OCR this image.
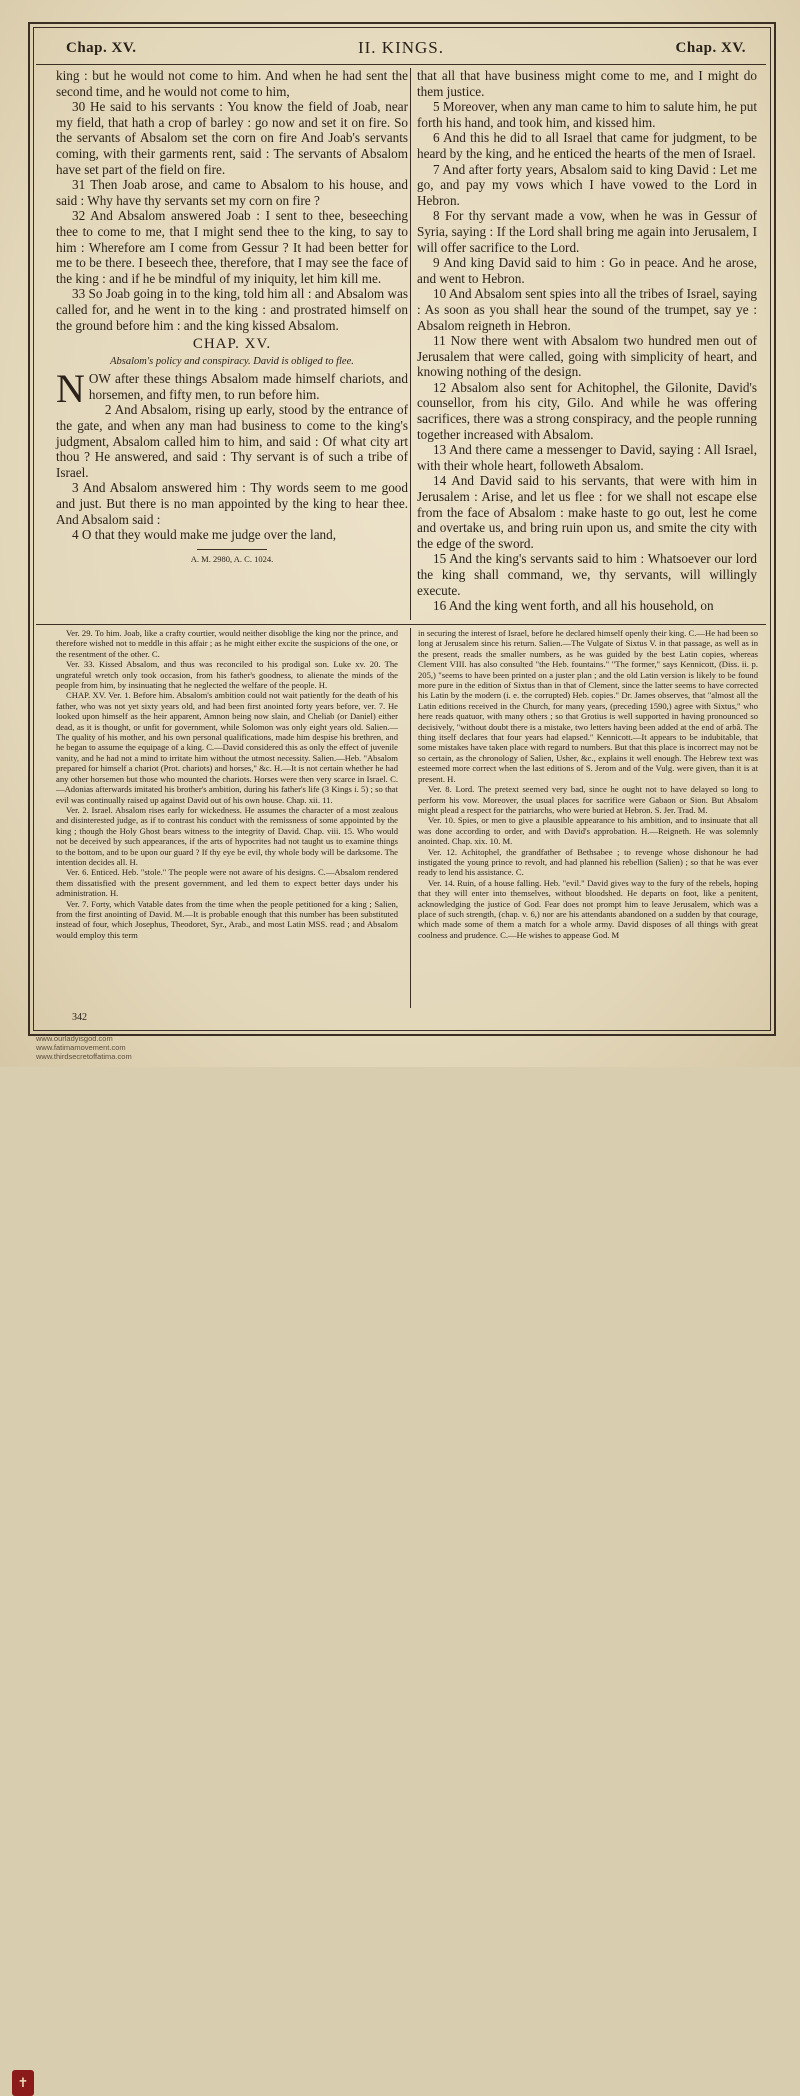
Chap. XV.	II. KINGS.	Chap. XV.

king : but he would not come to him. And when he had sent the second time, and he would not come to him,

30 He said to his servants : You know the field of Joab, near my field, that hath a crop of barley : go now and set it on fire. So the servants of Absalom set the corn on fire And Joab's servants coming, with their garments rent, said : The servants of Absalom have set part of the field on fire.

31 Then Joab arose, and came to Absalom to his house, and said : Why have thy servants set my corn on fire ?

32 And Absalom answered Joab : I sent to thee, beseeching thee to come to me, that I might send thee to the king, to say to him : Wherefore am I come from Gessur ? It had been better for me to be there. I beseech thee, therefore, that I may see the face of the king : and if he be mindful of my iniquity, let him kill me.

33 So Joab going in to the king, told him all : and Absalom was called for, and he went in to the king : and prostrated himself on the ground before him : and the king kissed Absalom.

CHAP. XV.
Absalom's policy and conspiracy. David is obliged to flee.

NOW after these things Absalom made himself chariots, and horsemen, and fifty men, to run before him.

2 And Absalom, rising up early, stood by the entrance of the gate, and when any man had business to come to the king's judgment, Absalom called him to him, and said : Of what city art thou ? He answered, and said : Thy servant is of such a tribe of Israel.

3 And Absalom answered him : Thy words seem to me good and just. But there is no man appointed by the king to hear thee. And Absalom said :

4 O that they would make me judge over the land,

A. M. 2980, A. C. 1024.

that all that have business might come to me, and I might do them justice.

5 Moreover, when any man came to him to salute him, he put forth his hand, and took him, and kissed him.

6 And this he did to all Israel that came for judgment, to be heard by the king, and he enticed the hearts of the men of Israel.

7 And after forty years, Absalom said to king David : Let me go, and pay my vows which I have vowed to the Lord in Hebron.

8 For thy servant made a vow, when he was in Gessur of Syria, saying : If the Lord shall bring me again into Jerusalem, I will offer sacrifice to the Lord.

9 And king David said to him : Go in peace. And he arose, and went to Hebron.

10 And Absalom sent spies into all the tribes of Israel, saying : As soon as you shall hear the sound of the trumpet, say ye : Absalom reigneth in Hebron.

11 Now there went with Absalom two hundred men out of Jerusalem that were called, going with simplicity of heart, and knowing nothing of the design.

12 Absalom also sent for Achitophel, the Gilonite, David's counsellor, from his city, Gilo. And while he was offering sacrifices, there was a strong conspiracy, and the people running together increased with Absalom.

13 And there came a messenger to David, saying : All Israel, with their whole heart, followeth Absalom.

14 And David said to his servants, that were with him in Jerusalem : Arise, and let us flee : for we shall not escape else from the face of Absalom : make haste to go out, lest he come and overtake us, and bring ruin upon us, and smite the city with the edge of the sword.

15 And the king's servants said to him : Whatsoever our lord the king shall command, we, thy servants, will willingly execute.

16 And the king went forth, and all his household, on

Ver. 29. To him. Joab, like a crafty courtier, would neither disoblige the king nor the prince, and therefore wished not to meddle in this affair ; as he might either excite the suspicions of the one, or the resentment of the other. C.

Ver. 33. Kissed Absalom, and thus was reconciled to his prodigal son. Luke xv. 20. The ungrateful wretch only took occasion, from his father's goodness, to alienate the minds of the people from him, by insinuating that he neglected the welfare of the people. H.

CHAP. XV. Ver. 1. Before him. Absalom's ambition could not wait patiently for the death of his father, who was not yet sixty years old, and had been first anointed forty years before, ver. 7. He looked upon himself as the heir apparent, Amnon being now slain, and Cheliab (or Daniel) either dead, as it is thought, or unfit for government, while Solomon was only eight years old. Salien.—The quality of his mother, and his own personal qualifications, made him despise his brethren, and he began to assume the equipage of a king. C.—David considered this as only the effect of juvenile vanity, and he had not a mind to irritate him without the utmost necessity. Salien.—Heb. "Absalom prepared for himself a chariot (Prot. chariots) and horses," &c. H.—It is not certain whether he had any other horsemen but those who mounted the chariots. Horses were then very scarce in Israel. C.—Adonias afterwards imitated his brother's ambition, during his father's life (3 Kings i. 5) ; so that evil was continually raised up against David out of his own house. Chap. xii. 11.

Ver. 2. Israel. Absalom rises early for wickedness. He assumes the character of a most zealous and disinterested judge, as if to contrast his conduct with the remissness of some appointed by the king ; though the Holy Ghost bears witness to the integrity of David. Chap. viii. 15. Who would not be deceived by such appearances, if the arts of hypocrites had not taught us to examine things to the bottom, and to be upon our guard ? If thy eye be evil, thy whole body will be darksome. The intention decides all. H.

Ver. 6. Enticed. Heb. "stole." The people were not aware of his designs. C.—Absalom rendered them dissatisfied with the present government, and led them to expect better days under his administration. H.

Ver. 7. Forty, which Vatable dates from the time when the people petitioned for a king ; Salien, from the first anointing of David. M.—It is probable enough that this number has been substituted instead of four, which Josephus, Theodoret, Syr., Arab., and most Latin MSS. read ; and Absalom would employ this term

in securing the interest of Israel, before he declared himself openly their king. C.—He had been so long at Jerusalem since his return. Salien.—The Vulgate of Sixtus V. in that passage, as well as in the present, reads the smaller numbers, as he was guided by the best Latin copies, whereas Clement VIII. has also consulted "the Heb. fountains." "The former," says Kennicott, (Diss. ii. p. 205,) "seems to have been printed on a juster plan ; and the old Latin version is likely to be found more pure in the edition of Sixtus than in that of Clement, since the latter seems to have corrected his Latin by the modern (i. e. the corrupted) Heb. copies." Dr. James observes, that "almost all the Latin editions received in the Church, for many years, (preceding 1590,) agree with Sixtus," who here reads quatuor, with many others ; so that Grotius is well supported in having pronounced so decisively, "without doubt there is a mistake, two letters having been added at the end of arbâ. The thing itself declares that four years had elapsed." Kennicott.—It appears to be indubitable, that some mistakes have taken place with regard to numbers. But that this place is incorrect may not be so certain, as the chronology of Salien, Usher, &c., explains it well enough. The Hebrew text was esteemed more correct when the last editions of S. Jerom and of the Vulg. were given, than it is at present. H.

Ver. 8. Lord. The pretext seemed very bad, since he ought not to have delayed so long to perform his vow. Moreover, the usual places for sacrifice were Gabaon or Sion. But Absalom might plead a respect for the patriarchs, who were buried at Hebron. S. Jer. Trad. M.

Ver. 10. Spies, or men to give a plausible appearance to his ambition, and to insinuate that all was done according to order, and with David's approbation. H.—Reigneth. He was solemnly anointed. Chap. xix. 10. M.

Ver. 12. Achitophel, the grandfather of Bethsabee ; to revenge whose dishonour he had instigated the young prince to revolt, and had planned his rebellion (Salien) ; so that he was ever ready to lend his assistance. C.

Ver. 14. Ruin, of a house falling. Heb. "evil." David gives way to the fury of the rebels, hoping that they will enter into themselves, without bloodshed. He departs on foot, like a penitent, acknowledging the justice of God. Fear does not prompt him to leave Jerusalem, which was a place of such strength, (chap. v. 6,) nor are his attendants abandoned on a sudden by that courage, which made some of them a match for a whole army. David disposes of all things with great coolness and prudence. C.—He wishes to appease God. M

342
✝
www.ourladyisgod.com
www.fatimamovement.com
www.thirdsecretoffatima.com
